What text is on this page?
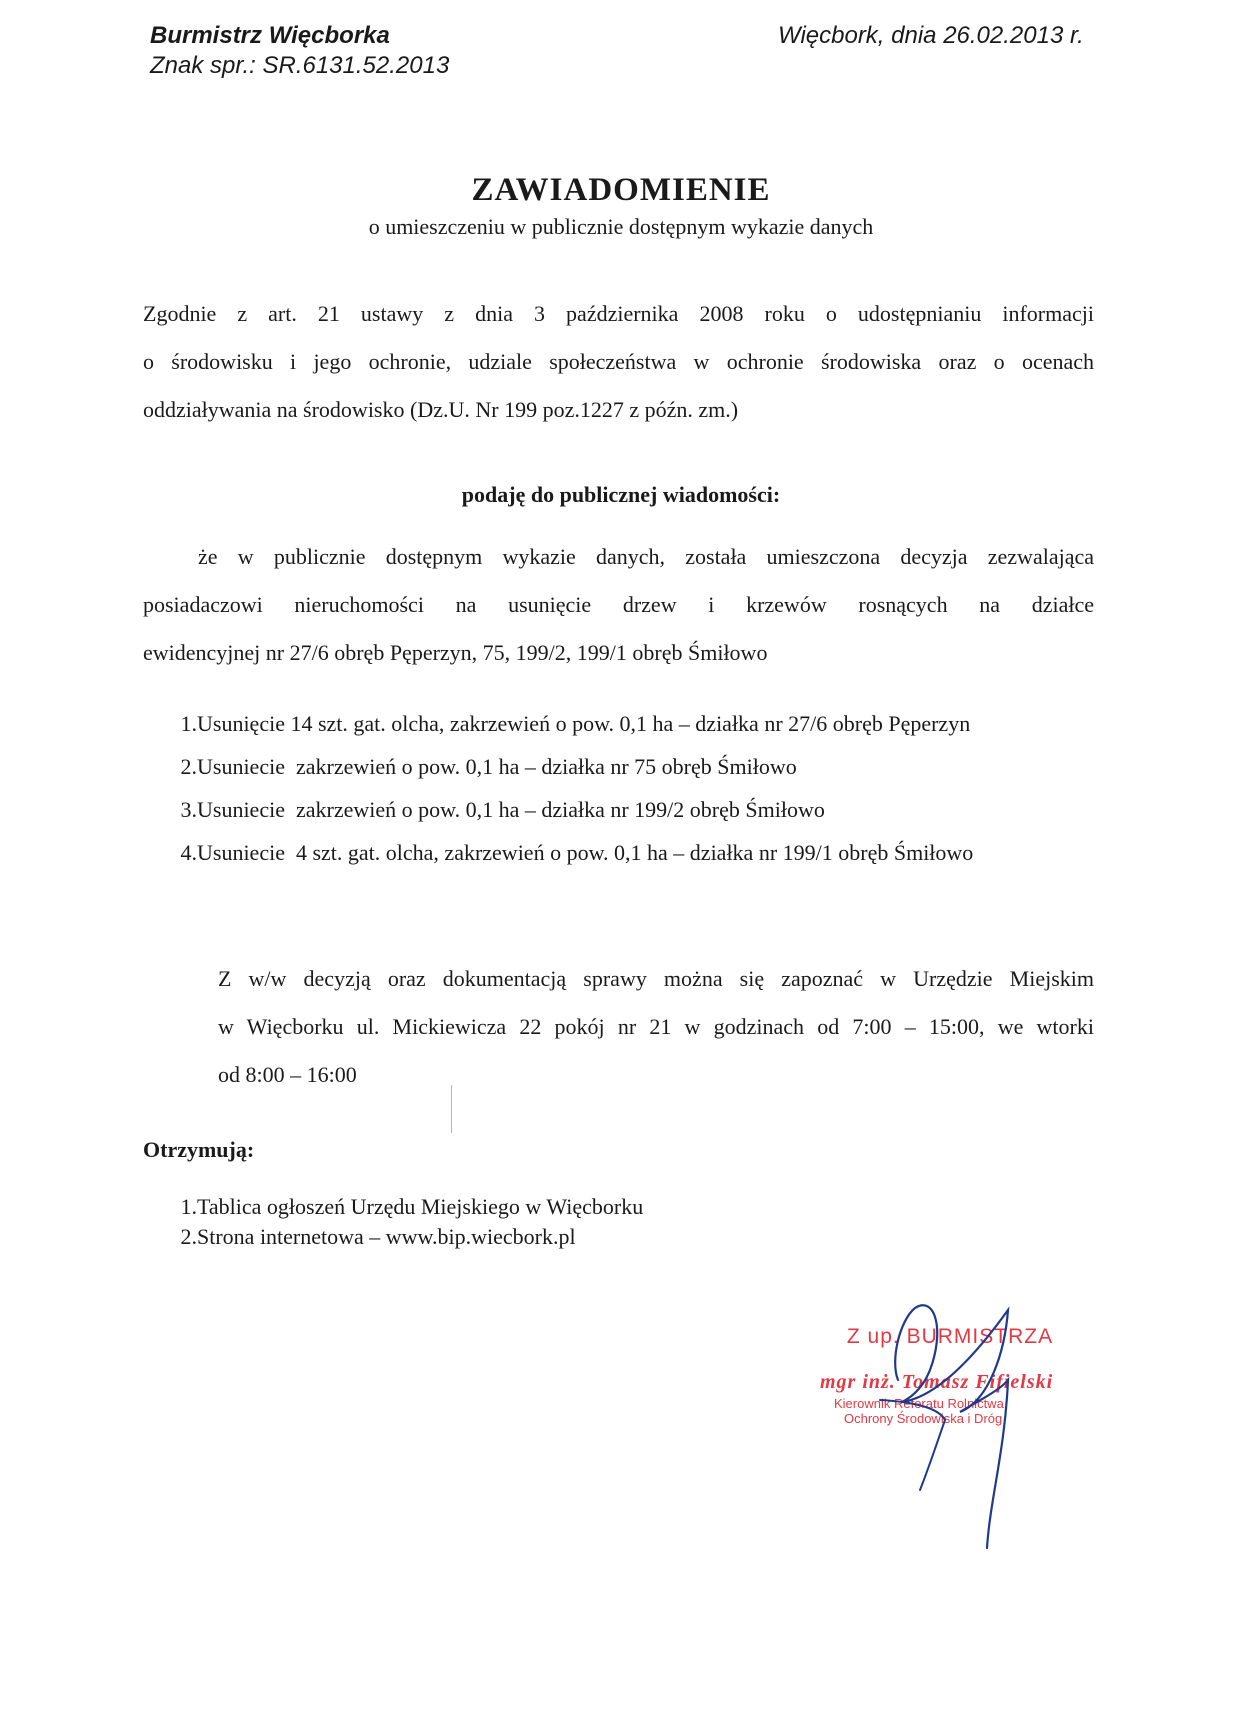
Burmistrz Więcborka
Znak spr.: SR.6131.52.2013
Więcbork, dnia 26.02.2013 r.
ZAWIADOMIENIE
o umieszczeniu w publicznie dostępnym wykazie danych
Zgodnie z art. 21 ustawy z dnia 3 października 2008 roku o udostępnianiu informacji
o środowisku i jego ochronie, udziale społeczeństwa w ochronie środowiska oraz o ocenach
oddziaływania na środowisko (Dz.U. Nr 199 poz.1227 z późn. zm.)
podaję do publicznej wiadomości:
że w publicznie dostępnym wykazie danych, została umieszczona decyzja zezwalająca
posiadaczowi nieruchomości na usunięcie drzew i krzewów rosnących na działce
ewidencyjnej nr 27/6 obręb Pęperzyn, 75, 199/2, 199/1 obręb Śmiłowo
1.Usunięcie 14 szt. gat. olcha, zakrzewień o pow. 0,1 ha – działka nr 27/6 obręb Pęperzyn
2.Usuniecie  zakrzewień o pow. 0,1 ha – działka nr 75 obręb Śmiłowo
3.Usuniecie  zakrzewień o pow. 0,1 ha – działka nr 199/2 obręb Śmiłowo
4.Usuniecie  4 szt. gat. olcha, zakrzewień o pow. 0,1 ha – działka nr 199/1 obręb Śmiłowo
Z w/w decyzją oraz dokumentacją sprawy można się zapoznać w Urzędzie Miejskim
w Więcborku ul. Mickiewicza 22 pokój nr 21 w godzinach od 7:00 – 15:00, we wtorki
od 8:00 – 16:00
Otrzymują:
1.Tablica ogłoszeń Urzędu Miejskiego w Więcborku
2.Strona internetowa – www.bip.wiecbork.pl
Z up. BURMISTRZA
mgr inż. Tomasz Fifielski
Kierownik Referatu Rolnictwa,
Ochrony Środowiska i Dróg
